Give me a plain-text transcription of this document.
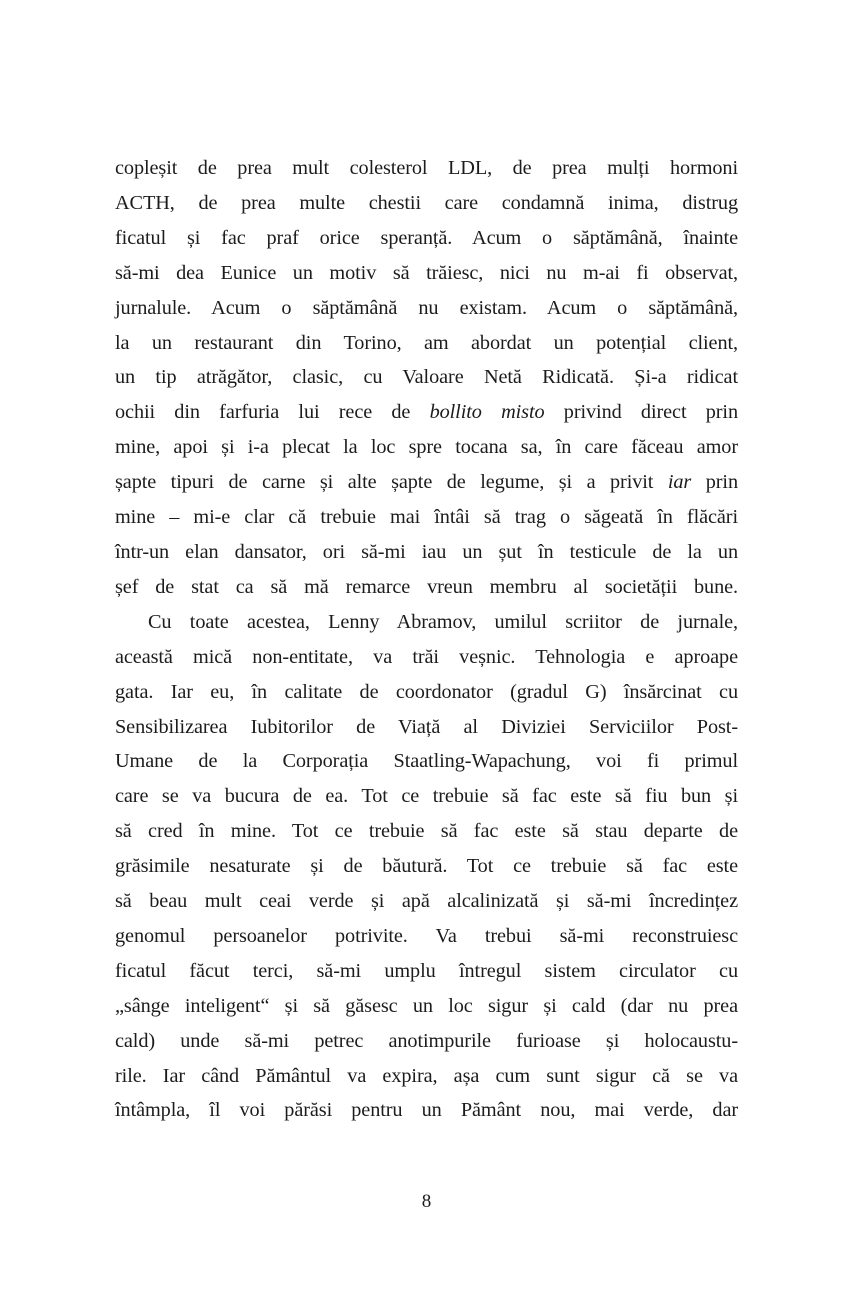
copleșit de prea mult colesterol LDL, de prea mulți hormoni
ACTH, de prea multe chestii care condamnă inima, distrug
ficatul și fac praf orice speranță. Acum o săptămână, înainte
să-mi dea Eunice un motiv să trăiesc, nici nu m-ai fi observat,
jurnalule. Acum o săptămână nu existam. Acum o săptămână,
la un restaurant din Torino, am abordat un potențial client,
un tip atrăgător, clasic, cu Valoare Netă Ridicată. Și-a ridicat
ochii din farfuria lui rece de bollito misto privind direct prin
mine, apoi și i-a plecat la loc spre tocana sa, în care făceau amor
șapte tipuri de carne și alte șapte de legume, și a privit iar prin
mine – mi-e clar că trebuie mai întâi să trag o săgeată în flăcări
într-un elan dansator, ori să-mi iau un șut în testicule de la un
șef de stat ca să mă remarce vreun membru al societății bune.
Cu toate acestea, Lenny Abramov, umilul scriitor de jurnale,
această mică non-entitate, va trăi veșnic. Tehnologia e aproape
gata. Iar eu, în calitate de coordonator (gradul G) însărcinat cu
Sensibilizarea Iubitorilor de Viață al Diviziei Serviciilor Post-
Umane de la Corporația Staatling-Wapachung, voi fi primul
care se va bucura de ea. Tot ce trebuie să fac este să fiu bun și
să cred în mine. Tot ce trebuie să fac este să stau departe de
grăsimile nesaturate și de băutură. Tot ce trebuie să fac este
să beau mult ceai verde și apă alcalinizată și să-mi încredințez
genomul persoanelor potrivite. Va trebui să-mi reconstruiesc
ficatul făcut terci, să-mi umplu întregul sistem circulator cu
„sânge inteligent“ și să găsesc un loc sigur și cald (dar nu prea
cald) unde să-mi petrec anotimpurile furioase și holocaustu-
rile. Iar când Pământul va expira, așa cum sunt sigur că se va
întâmpla, îl voi părăsi pentru un Pământ nou, mai verde, dar
8
